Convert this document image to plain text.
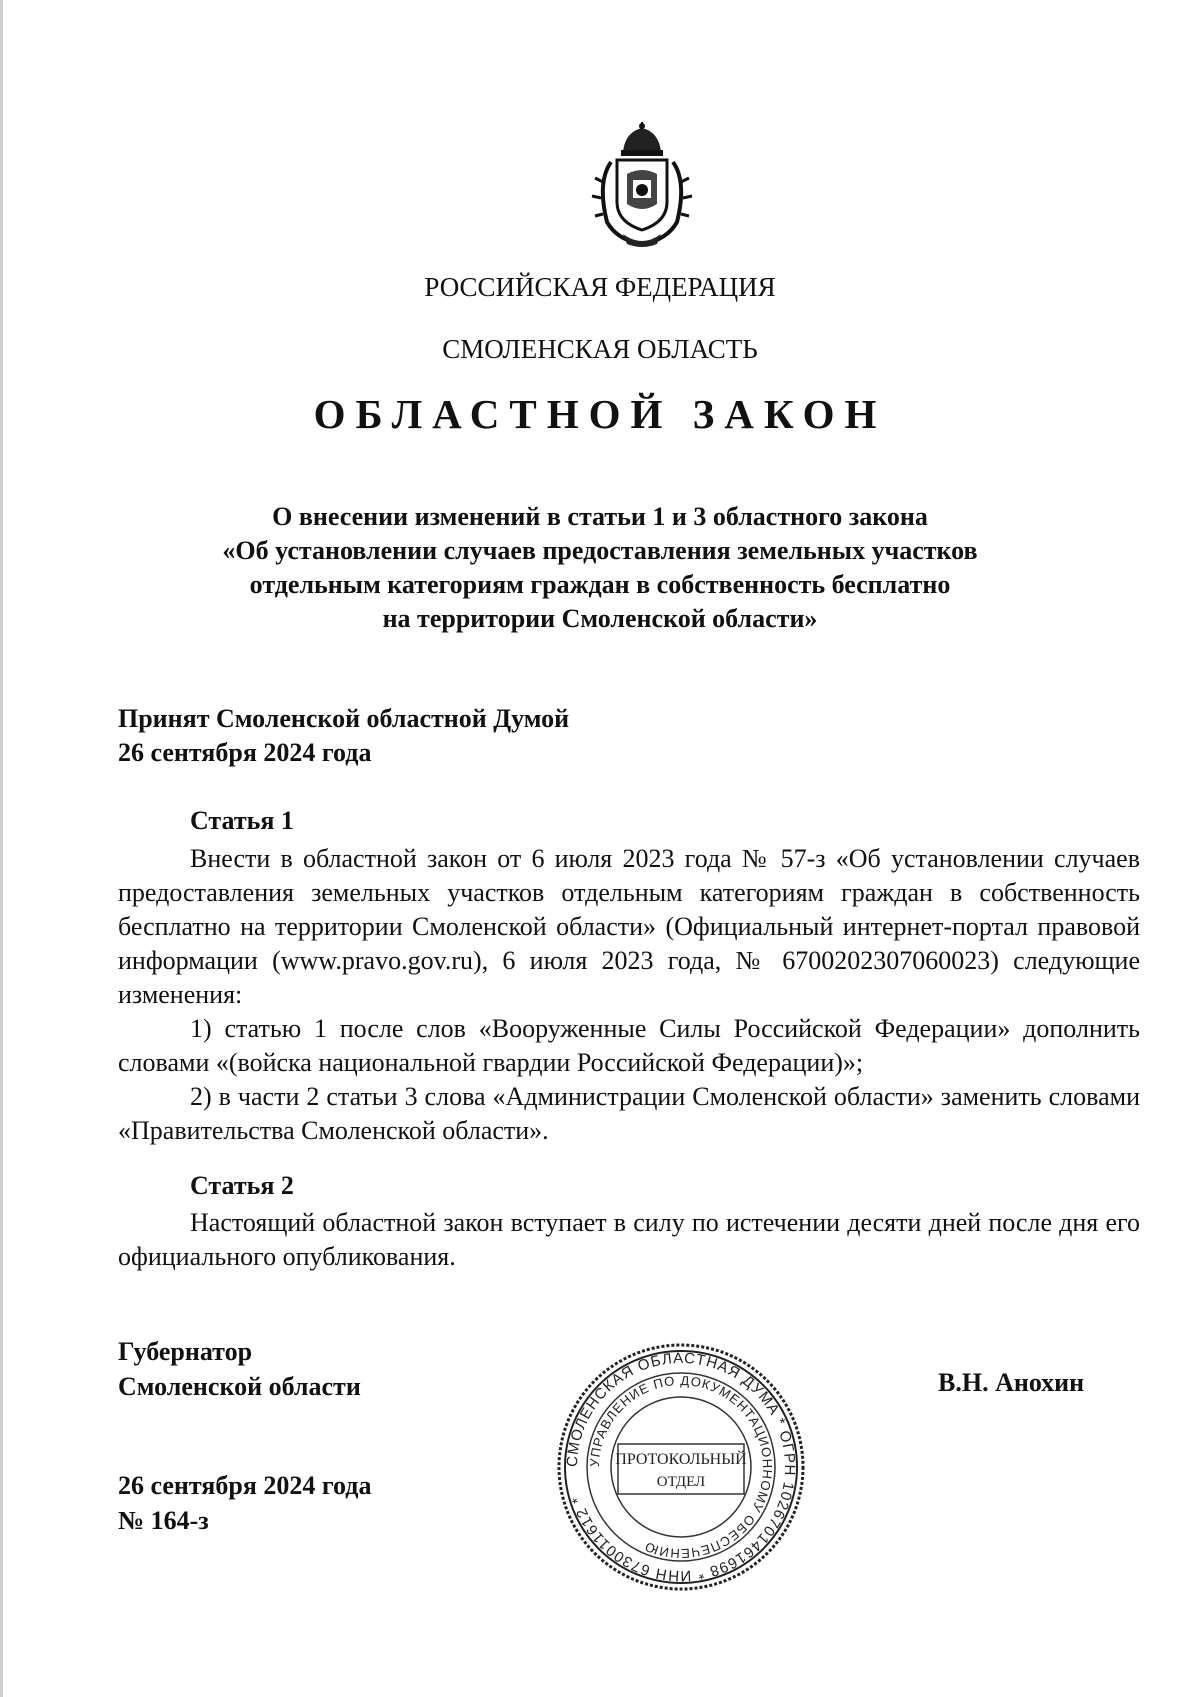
РОССИЙСКАЯ ФЕДЕРАЦИЯ
СМОЛЕНСКАЯ ОБЛАСТЬ
ОБЛАСТНОЙ ЗАКОН
О внесении изменений в статьи 1 и 3 областного закона
«Об установлении случаев предоставления земельных участков
отдельным категориям граждан в собственность бесплатно
на территории Смоленской области»
Принят Смоленской областной Думой
26 сентября 2024 года
Статья 1

Внести в областной закон от 6 июля 2023 года № 57-з «Об установлении случаев предоставления земельных участков отдельным категориям граждан в собственность бесплатно на территории Смоленской области» (Официальный интернет-портал правовой информации (www.pravo.gov.ru), 6 июля 2023 года, № 6700202307060023) следующие изменения:

1) статью 1 после слов «Вооруженные Силы Российской Федерации» дополнить словами «(войска национальной гвардии Российской Федерации)»;

2) в части 2 статьи 3 слова «Администрации Смоленской области» заменить словами «Правительства Смоленской области».

Статья 2

Настоящий областной закон вступает в силу по истечении десяти дней после дня его официального опубликования.

Губернатор
Смоленской области	В.Н. Анохин
26 сентября 2024 года
№ 164-з
СМОЛЕНСКАЯ ОБЛАСТНАЯ ДУМА * ОГРН 1026701461698 * ИНН 6730011612 *
УПРАВЛЕНИЕ ПО ДОКУМЕНТАЦИОННОМУ ОБЕСПЕЧЕНИЮ
ПРОТОКОЛЬНЫЙ
ОТДЕЛ
